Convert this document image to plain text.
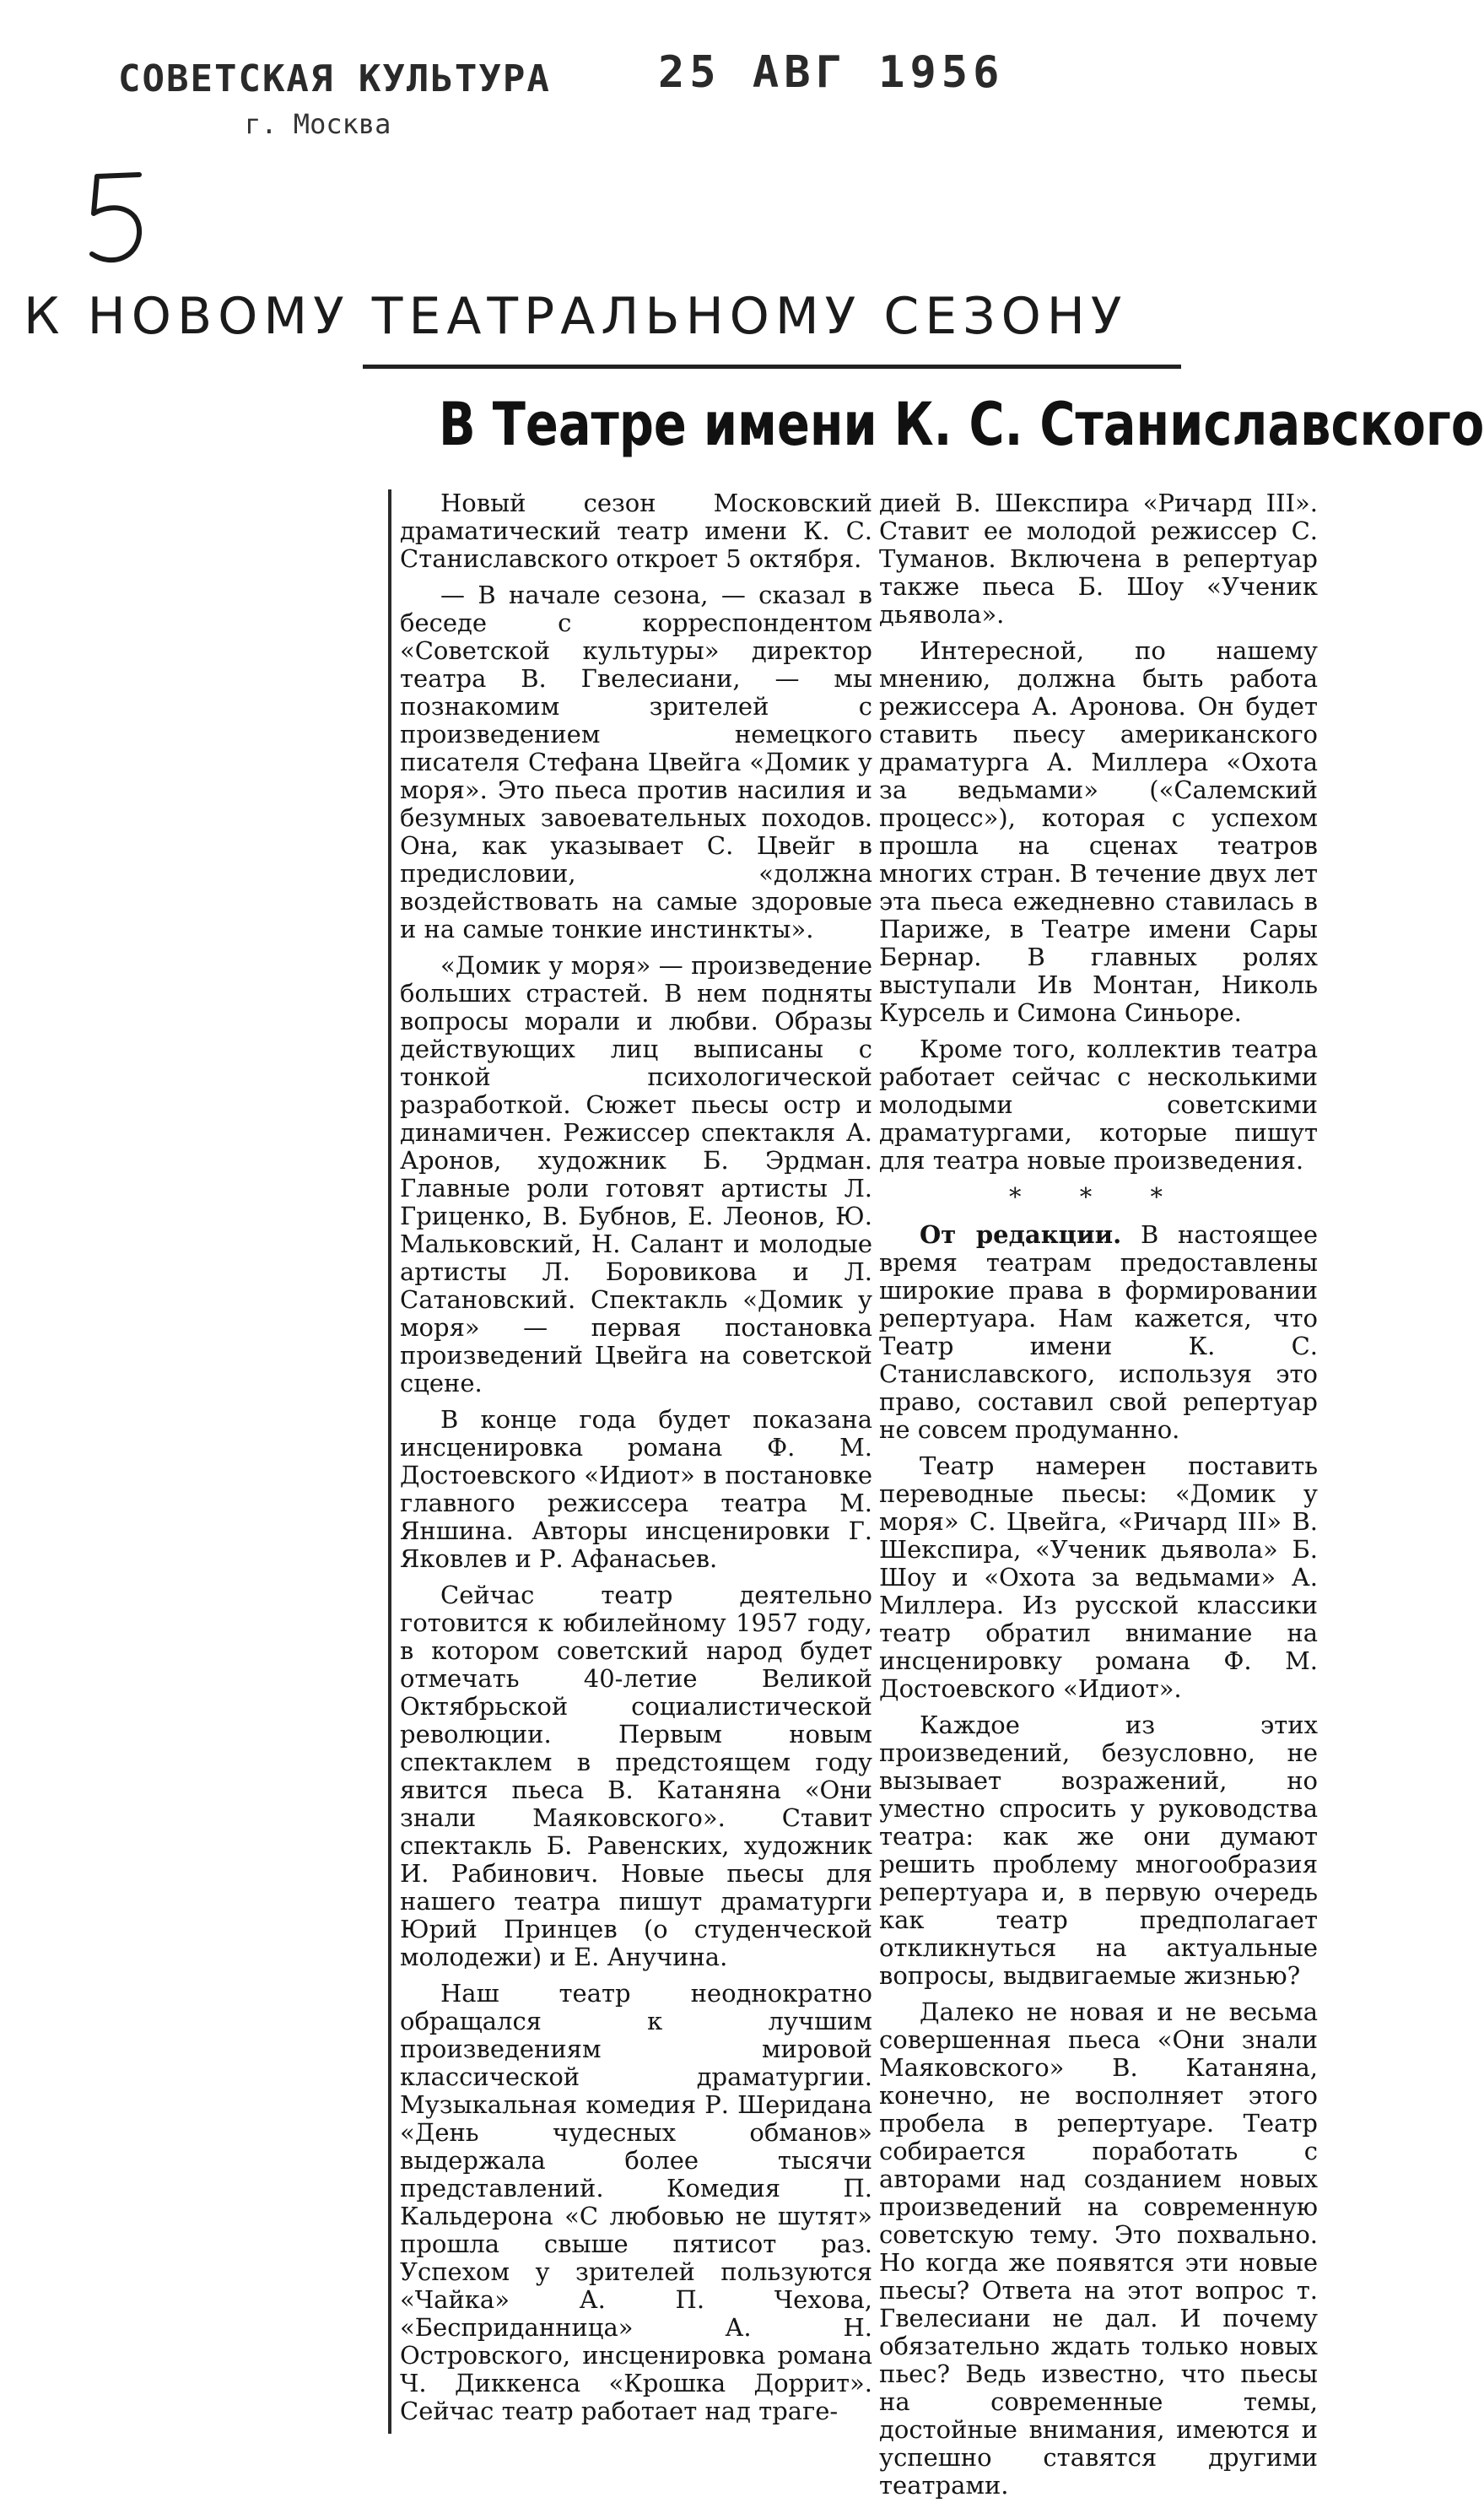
СОВЕТСКАЯ КУЛЬТУРА
г. Москва
25 АВГ 1956
К НОВОМУ ТЕАТРАЛЬНОМУ СЕЗОНУ
В Театре имени К. С. Станиславского

Новый сезон Московский драматический театр имени К. С. Станиславского откроет 5 октября.

— В начале сезона, — сказал в беседе с корреспондентом «Советской культуры» директор театра В. Гвелесиани, — мы познакомим зрителей с произведением немецкого писателя Стефана Цвейга «Домик у моря». Это пьеса против насилия и безумных завоевательных походов. Она, как указывает С. Цвейг в предисловии, «должна воздействовать на самые здоровые и на самые тонкие инстинкты».

«Домик у моря» — произведение больших страстей. В нем подняты вопросы морали и любви. Образы действующих лиц выписаны с тонкой психологической разработкой. Сюжет пьесы остр и динамичен. Режиссер спектакля А. Аронов, художник Б. Эрдман. Главные роли готовят артисты Л. Гриценко, В. Бубнов, Е. Леонов, Ю. Мальковский, Н. Салант и молодые артисты Л. Боровикова и Л. Сатановский. Спектакль «Домик у моря» — первая постановка произведений Цвейга на советской сцене.

В конце года будет показана инсценировка романа Ф. М. Достоевского «Идиот» в постановке главного режиссера театра М. Яншина. Авторы инсценировки Г. Яковлев и Р. Афанасьев.

Сейчас театр деятельно готовится к юбилейному 1957 году, в котором советский народ будет отмечать 40-летие Великой Октябрьской социалистической революции. Первым новым спектаклем в предстоящем году явится пьеса В. Катаняна «Они знали Маяковского». Ставит спектакль Б. Равенских, художник И. Рабинович. Новые пьесы для нашего театра пишут драматурги Юрий Принцев (о студенческой молодежи) и Е. Анучина.

Наш театр неоднократно обращался к лучшим произведениям мировой классической драматургии. Музыкальная комедия Р. Шеридана «День чудесных обманов» выдержала более тысячи представлений. Комедия П. Кальдерона «С любовью не шутят» прошла свыше пятисот раз. Успехом у зрителей пользуются «Чайка» А. П. Чехова, «Бесприданница» А. Н. Островского, инсценировка романа Ч. Диккенса «Крошка Доррит». Сейчас театр работает над траге-

дией В. Шекспира «Ричард III». Ставит ее молодой режиссер С. Туманов. Включена в репертуар также пьеса Б. Шоу «Ученик дьявола».

Интересной, по нашему мнению, должна быть работа режиссера А. Аронова. Он будет ставить пьесу американского драматурга А. Миллера «Охота за ведьмами» («Салемский процесс»), которая с успехом прошла на сценах театров многих стран. В течение двух лет эта пьеса ежедневно ставилась в Париже, в Театре имени Сары Бернар. В главных ролях выступали Ив Монтан, Николь Курсель и Симона Синьоре.

Кроме того, коллектив театра работает сейчас с несколькими молодыми советскими драматургами, которые пишут для театра новые произведения.

* * *

От редакции. В настоящее время театрам предоставлены широкие права в формировании репертуара. Нам кажется, что Театр имени К. С. Станиславского, используя это право, составил свой репертуар не совсем продуманно.

Театр намерен поставить переводные пьесы: «Домик у моря» С. Цвейга, «Ричард III» В. Шекспира, «Ученик дьявола» Б. Шоу и «Охота за ведьмами» А. Миллера. Из русской классики театр обратил внимание на инсценировку романа Ф. М. Достоевского «Идиот».

Каждое из этих произведений, безусловно, не вызывает возражений, но уместно спросить у руководства театра: как же они думают решить проблему многообразия репертуара и, в первую очередь как театр предполагает откликнуться на актуальные вопросы, выдвигаемые жизнью?

Далеко не новая и не весьма совершенная пьеса «Они знали Маяковского» В. Катаняна, конечно, не восполняет этого пробела в репертуаре. Театр собирается поработать с авторами над созданием новых произведений на современную советскую тему. Это похвально. Но когда же появятся эти новые пьесы? Ответа на этот вопрос т. Гвелесиани не дал. И почему обязательно ждать только новых пьес? Ведь известно, что пьесы на современные темы, достойные внимания, имеются и успешно ставятся другими театрами.
